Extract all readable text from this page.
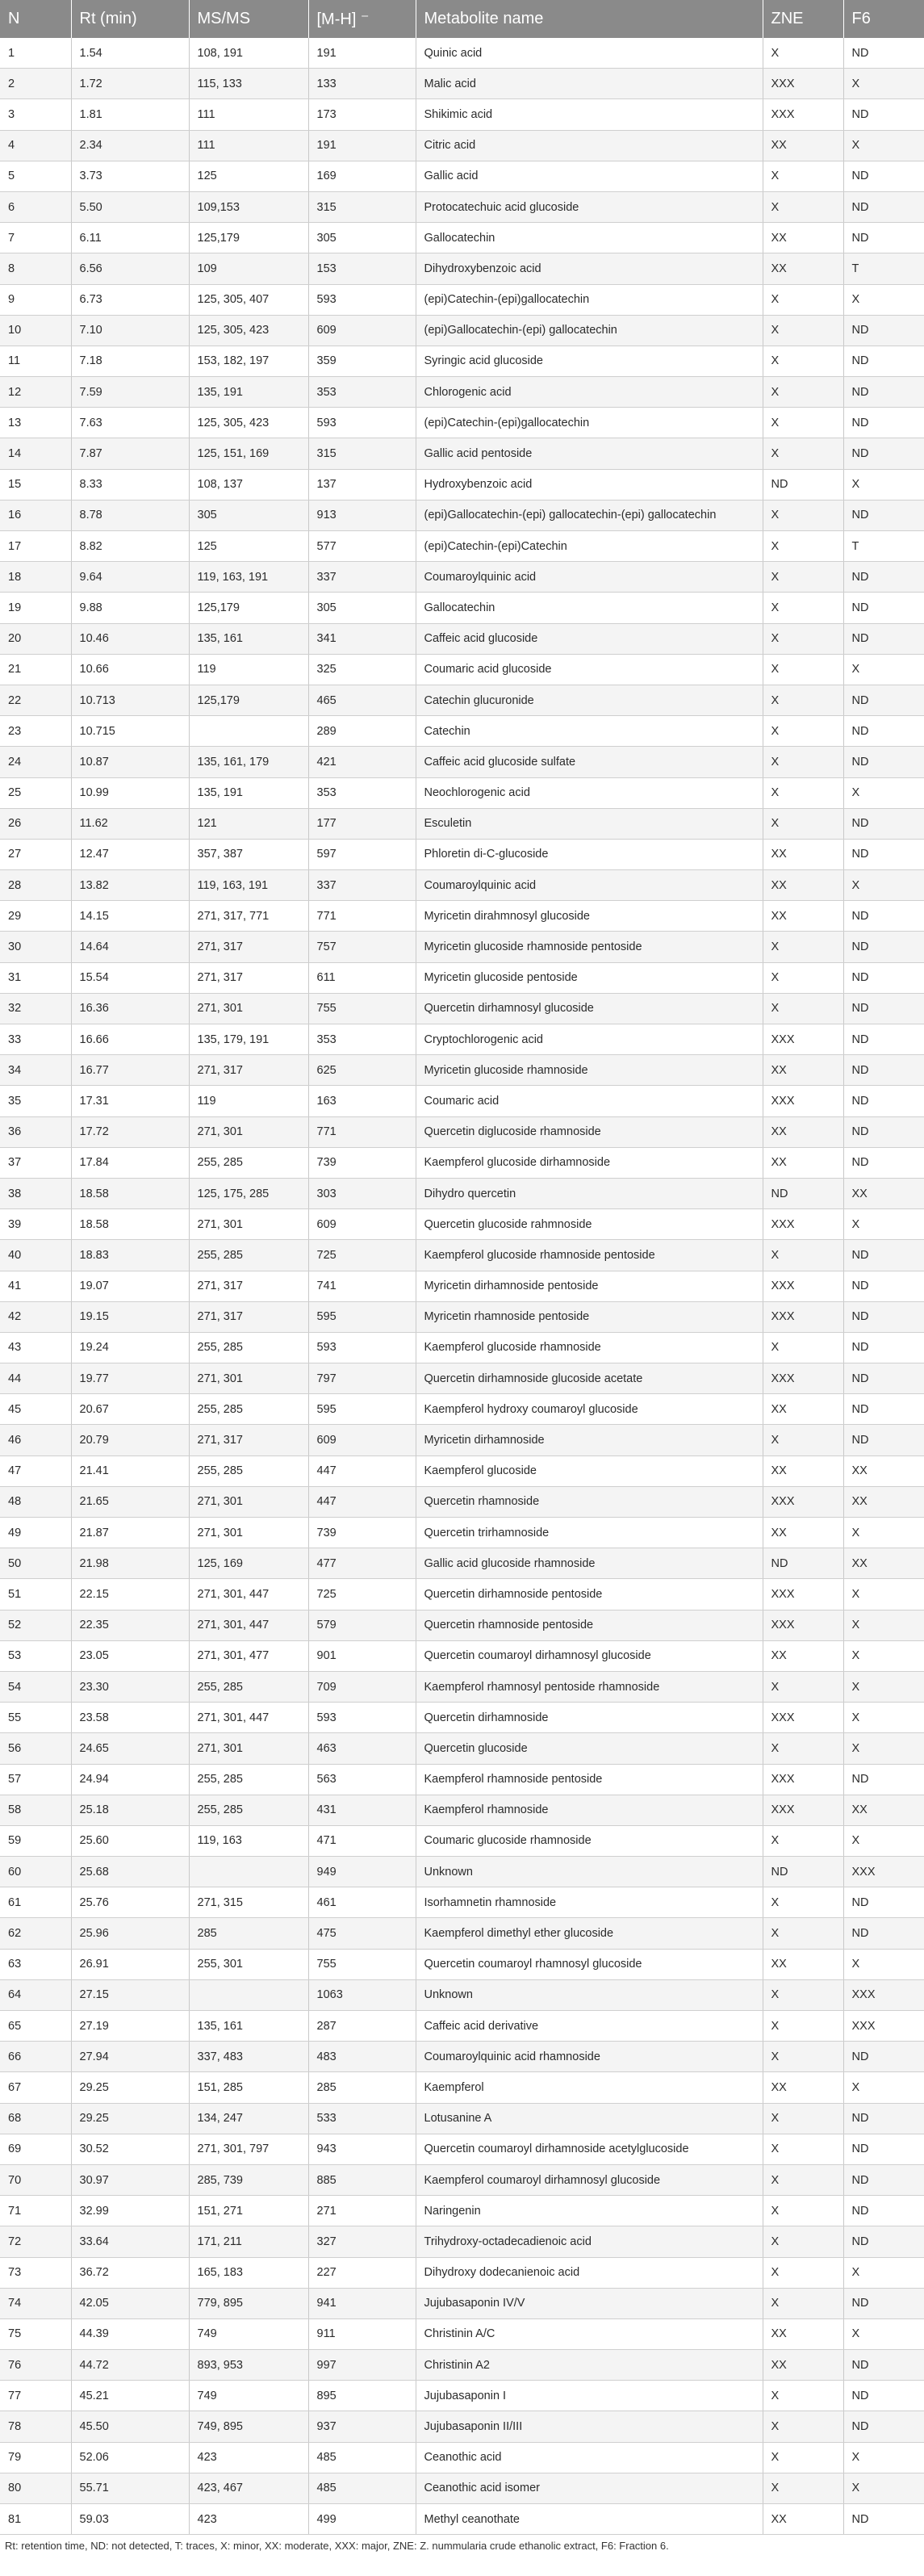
N	Rt (min)	MS/MS	[M-H] ⁻	Metabolite name	ZNE	F6
1	1.54	108, 191	191	Quinic acid	X	ND
2	1.72	115, 133	133	Malic acid	XXX	X
3	1.81	111	173	Shikimic acid	XXX	ND
4	2.34	111	191	Citric acid	XX	X
5	3.73	125	169	Gallic acid	X	ND
6	5.50	109,153	315	Protocatechuic acid glucoside	X	ND
7	6.11	125,179	305	Gallocatechin	XX	ND
8	6.56	109	153	Dihydroxybenzoic acid	XX	T
9	6.73	125, 305, 407	593	(epi)Catechin-(epi)gallocatechin	X	X
10	7.10	125, 305, 423	609	(epi)Gallocatechin-(epi) gallocatechin	X	ND
11	7.18	153, 182, 197	359	Syringic acid glucoside	X	ND
12	7.59	135, 191	353	Chlorogenic acid	X	ND
13	7.63	125, 305, 423	593	(epi)Catechin-(epi)gallocatechin	X	ND
14	7.87	125, 151, 169	315	Gallic acid pentoside	X	ND
15	8.33	108, 137	137	Hydroxybenzoic acid	ND	X
16	8.78	305	913	(epi)Gallocatechin-(epi) gallocatechin-(epi) gallocatechin	X	ND
17	8.82	125	577	(epi)Catechin-(epi)Catechin	X	T
18	9.64	119, 163, 191	337	Coumaroylquinic acid	X	ND
19	9.88	125,179	305	Gallocatechin	X	ND
20	10.46	135, 161	341	Caffeic acid glucoside	X	ND
21	10.66	119	325	Coumaric acid glucoside	X	X
22	10.713	125,179	465	Catechin glucuronide	X	ND
23	10.715		289	Catechin	X	ND
24	10.87	135, 161, 179	421	Caffeic acid glucoside sulfate	X	ND
25	10.99	135, 191	353	Neochlorogenic acid	X	X
26	11.62	121	177	Esculetin	X	ND
27	12.47	357, 387	597	Phloretin di-C-glucoside	XX	ND
28	13.82	119, 163, 191	337	Coumaroylquinic acid	XX	X
29	14.15	271, 317, 771	771	Myricetin dirahmnosyl glucoside	XX	ND
30	14.64	271, 317	757	Myricetin glucoside rhamnoside pentoside	X	ND
31	15.54	271, 317	611	Myricetin glucoside pentoside	X	ND
32	16.36	271, 301	755	Quercetin dirhamnosyl glucoside	X	ND
33	16.66	135, 179, 191	353	Cryptochlorogenic acid	XXX	ND
34	16.77	271, 317	625	Myricetin glucoside rhamnoside	XX	ND
35	17.31	119	163	Coumaric acid	XXX	ND
36	17.72	271, 301	771	Quercetin diglucoside rhamnoside	XX	ND
37	17.84	255, 285	739	Kaempferol glucoside dirhamnoside	XX	ND
38	18.58	125, 175, 285	303	Dihydro quercetin	ND	XX
39	18.58	271, 301	609	Quercetin glucoside rahmnoside	XXX	X
40	18.83	255, 285	725	Kaempferol glucoside rhamnoside pentoside	X	ND
41	19.07	271, 317	741	Myricetin dirhamnoside pentoside	XXX	ND
42	19.15	271, 317	595	Myricetin rhamnoside pentoside	XXX	ND
43	19.24	255, 285	593	Kaempferol glucoside rhamnoside	X	ND
44	19.77	271, 301	797	Quercetin dirhamnoside glucoside acetate	XXX	ND
45	20.67	255, 285	595	Kaempferol hydroxy coumaroyl glucoside	XX	ND
46	20.79	271, 317	609	Myricetin dirhamnoside	X	ND
47	21.41	255, 285	447	Kaempferol glucoside	XX	XX
48	21.65	271, 301	447	Quercetin rhamnoside	XXX	XX
49	21.87	271, 301	739	Quercetin trirhamnoside	XX	X
50	21.98	125, 169	477	Gallic acid glucoside rhamnoside	ND	XX
51	22.15	271, 301, 447	725	Quercetin dirhamnoside pentoside	XXX	X
52	22.35	271, 301, 447	579	Quercetin rhamnoside pentoside	XXX	X
53	23.05	271, 301, 477	901	Quercetin coumaroyl dirhamnosyl glucoside	XX	X
54	23.30	255, 285	709	Kaempferol rhamnosyl pentoside rhamnoside	X	X
55	23.58	271, 301, 447	593	Quercetin dirhamnoside	XXX	X
56	24.65	271, 301	463	Quercetin glucoside	X	X
57	24.94	255, 285	563	Kaempferol rhamnoside pentoside	XXX	ND
58	25.18	255, 285	431	Kaempferol rhamnoside	XXX	XX
59	25.60	119, 163	471	Coumaric glucoside rhamnoside	X	X
60	25.68		949	Unknown	ND	XXX
61	25.76	271, 315	461	Isorhamnetin rhamnoside	X	ND
62	25.96	285	475	Kaempferol dimethyl ether glucoside	X	ND
63	26.91	255, 301	755	Quercetin coumaroyl rhamnosyl glucoside	XX	X
64	27.15		1063	Unknown	X	XXX
65	27.19	135, 161	287	Caffeic acid derivative	X	XXX
66	27.94	337, 483	483	Coumaroylquinic acid rhamnoside	X	ND
67	29.25	151, 285	285	Kaempferol	XX	X
68	29.25	134, 247	533	Lotusanine A	X	ND
69	30.52	271, 301, 797	943	Quercetin coumaroyl dirhamnoside acetylglucoside	X	ND
70	30.97	285, 739	885	Kaempferol coumaroyl dirhamnosyl glucoside	X	ND
71	32.99	151, 271	271	Naringenin	X	ND
72	33.64	171, 211	327	Trihydroxy-octadecadienoic acid	X	ND
73	36.72	165, 183	227	Dihydroxy dodecanienoic acid	X	X
74	42.05	779, 895	941	Jujubasaponin IV/V	X	ND
75	44.39	749	911	Christinin A/C	XX	X
76	44.72	893, 953	997	Christinin A2	XX	ND
77	45.21	749	895	Jujubasaponin I	X	ND
78	45.50	749, 895	937	Jujubasaponin II/III	X	ND
79	52.06	423	485	Ceanothic acid	X	X
80	55.71	423, 467	485	Ceanothic acid isomer	X	X
81	59.03	423	499	Methyl ceanothate	XX	ND
Rt: retention time, ND: not detected, T: traces, X: minor, XX: moderate, XXX: major, ZNE: Z. nummularia crude ethanolic extract, F6: Fraction 6.
